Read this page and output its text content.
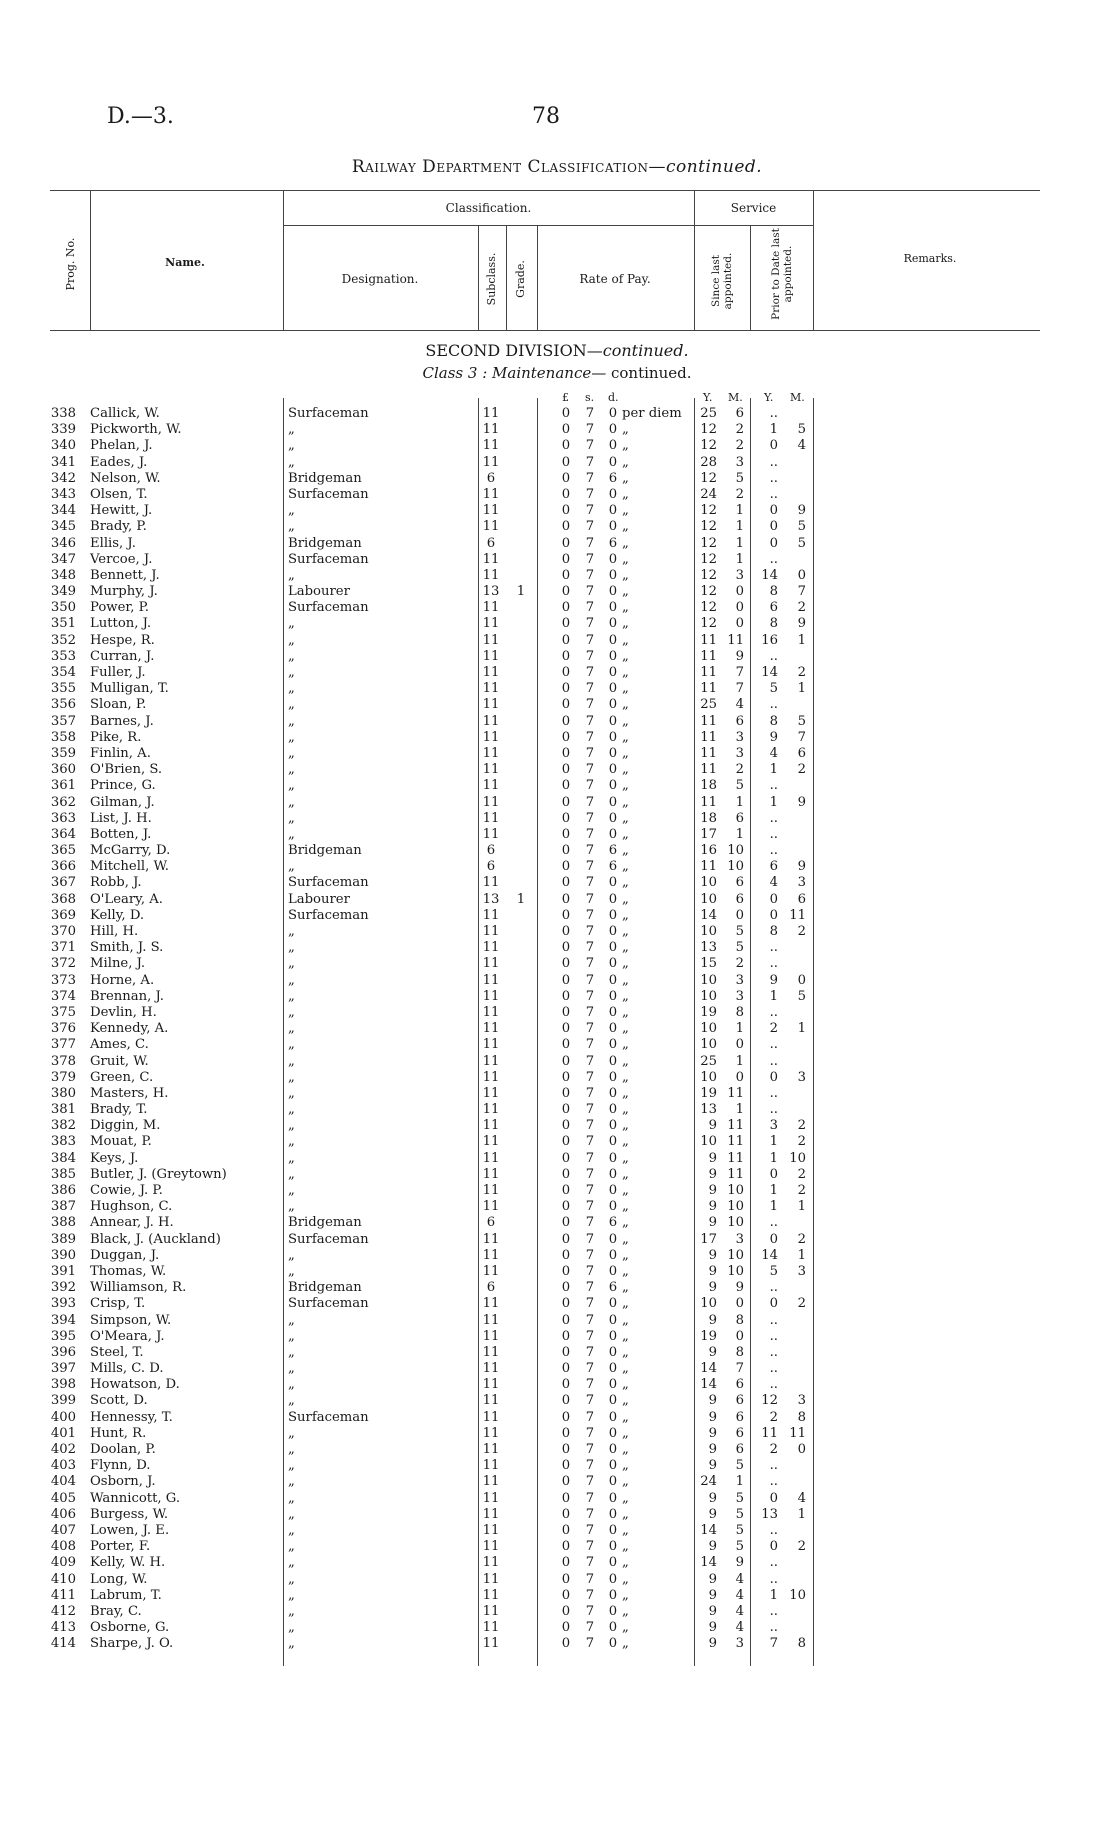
D.—3.	78
Railway Department Classification—continued.
Prog. No.	Name.
Classification.
Designation.	Subclass. Grade.	Rate of Pay.
Service
Since last appointed.	Prior to Date last appointed.	Remarks.
SECOND DIVISION—continued.
Class 3 : Maintenance— continued.
£ s. d.	Y. M. Y. M.
338 Callick, W.	Surfaceman	11	0 7 0 per diem	25	6	..
339 Pickworth, W.	„	11	0 7 0 „	12	2	1	5
340 Phelan, J.	„	11	0 7 0 „	12	2	0	4
341 Eades, J.	„	11	0 7 0 „	28	3	..
342 Nelson, W.	Bridgeman	6	0 7 6 „	12	5	..
343 Olsen, T.	Surfaceman	11	0 7 0 „	24	2	..
344 Hewitt, J.	„	11	0 7 0 „	12	1	0	9
345 Brady, P.	„	11	0 7 0 „	12	1	0	5
346 Ellis, J.	Bridgeman	6	0 7 6 „	12	1	0	5
347 Vercoe, J.	Surfaceman	11	0 7 0 „	12	1	..
348 Bennett, J.	„	11	0 7 0 „	12	3	14	0
349 Murphy, J.	Labourer	13 1	0 7 0 „	12	0	8	7
350 Power, P.	Surfaceman	11	0 7 0 „	12	0	6	2
351 Lutton, J.	„	11	0 7 0 „	12	0	8	9
352 Hespe, R.	„	11	0 7 0 „	11 11	16	1
353 Curran, J.	„	11	0 7 0 „	11	9	..
354 Fuller, J.	„	11	0 7 0 „	11	7	14	2
355 Mulligan, T.	„	11	0 7 0 „	11	7	5	1
356 Sloan, P.	„	11	0 7 0 „	25	4	..
357 Barnes, J.	„	11	0 7 0 „	11	6	8	5
358 Pike, R.	„	11	0 7 0 „	11	3	9	7
359 Finlin, A.	„	11	0 7 0 „	11	3	4	6
360 O'Brien, S.	„	11	0 7 0 „	11	2	1	2
361 Prince, G.	„	11	0 7 0 „	18	5	..
362 Gilman, J.	„	11	0 7 0 „	11	1	1	9
363 List, J. H.	„	11	0 7 0 „	18	6	..
364 Botten, J.	„	11	0 7 0 „	17	1	..
365 McGarry, D.	Bridgeman	6	0 7 6 „	16 10	..
366 Mitchell, W.	„	6	0 7 6 „	11 10	6	9
367 Robb, J.	Surfaceman	11	0 7 0 „	10	6	4	3
368 O'Leary, A.	Labourer	13 1	0 7 0 „	10	6	0	6
369 Kelly, D.	Surfaceman	11	0 7 0 „	14	0	0 11
370 Hill, H.	„	11	0 7 0 „	10	5	8	2
371 Smith, J. S.	„	11	0 7 0 „	13	5	..
372 Milne, J.	„	11	0 7 0 „	15	2	..
373 Horne, A.	„	11	0 7 0 „	10	3	9	0
374 Brennan, J.	„	11	0 7 0 „	10	3	1	5
375 Devlin, H.	„	11	0 7 0 „	19	8	..
376 Kennedy, A.	„	11	0 7 0 „	10	1	2	1
377 Ames, C.	„	11	0 7 0 „	10	0	..
378 Gruit, W.	„	11	0 7 0 „	25	1	..
379 Green, C.	„	11	0 7 0 „	10	0	0	3
380 Masters, H.	„	11	0 7 0 „	19 11	..
381 Brady, T.	„	11	0 7 0 „	13	1	..
382 Diggin, M.	„	11	0 7 0 „	9 11	3	2
383 Mouat, P.	„	11	0 7 0 „	10 11	1	2
384 Keys, J.	„	11	0 7 0 „	9 11	1 10
385 Butler, J. (Greytown)	„	11	0 7 0 „	9 11	0	2
386 Cowie, J. P.	„	11	0 7 0 „	9 10	1	2
387 Hughson, C.	„	11	0 7 0 „	9 10	1	1
388 Annear, J. H.	Bridgeman	6	0 7 6 „	9 10	..
389 Black, J. (Auckland)	Surfaceman	11	0 7 0 „	17	3	0	2
390 Duggan, J.	„	11	0 7 0 „	9 10	14	1
391 Thomas, W.	„	11	0 7 0 „	9 10	5	3
392 Williamson, R.	Bridgeman	6	0 7 6 „	9	9	..
393 Crisp, T.	Surfaceman	11	0 7 0 „	10	0	0	2
394 Simpson, W.	„	11	0 7 0 „	9	8	..
395 O'Meara, J.	„	11	0 7 0 „	19	0	..
396 Steel, T.	„	11	0 7 0 „	9	8	..
397 Mills, C. D.	„	11	0 7 0 „	14	7	..
398 Howatson, D.	„	11	0 7 0 „	14	6	..
399 Scott, D.	„	11	0 7 0 „	9	6	12	3
400 Hennessy, T.	Surfaceman	11	0 7 0 „	9	6	2	8
401 Hunt, R.	„	11	0 7 0 „	9	6	11 11
402 Doolan, P.	„	11	0 7 0 „	9	6	2	0
403 Flynn, D.	„	11	0 7 0 „	9	5	..
404 Osborn, J.	„	11	0 7 0 „	24	1	..
405 Wannicott, G.	„	11	0 7 0 „	9	5	0	4
406 Burgess, W.	„	11	0 7 0 „	9	5	13	1
407 Lowen, J. E.	„	11	0 7 0 „	14	5	..
408 Porter, F.	„	11	0 7 0 „	9	5	0	2
409 Kelly, W. H.	„	11	0 7 0 „	14	9	..
410 Long, W.	„	11	0 7 0 „	9	4	..
411 Labrum, T.	„	11	0 7 0 „	9	4	1 10
412 Bray, C.	„	11	0 7 0 „	9	4	..
413 Osborne, G.	„	11	0 7 0 „	9	4	..
414 Sharpe, J. O.	„	11	0 7 0 „	9	3	7	8
